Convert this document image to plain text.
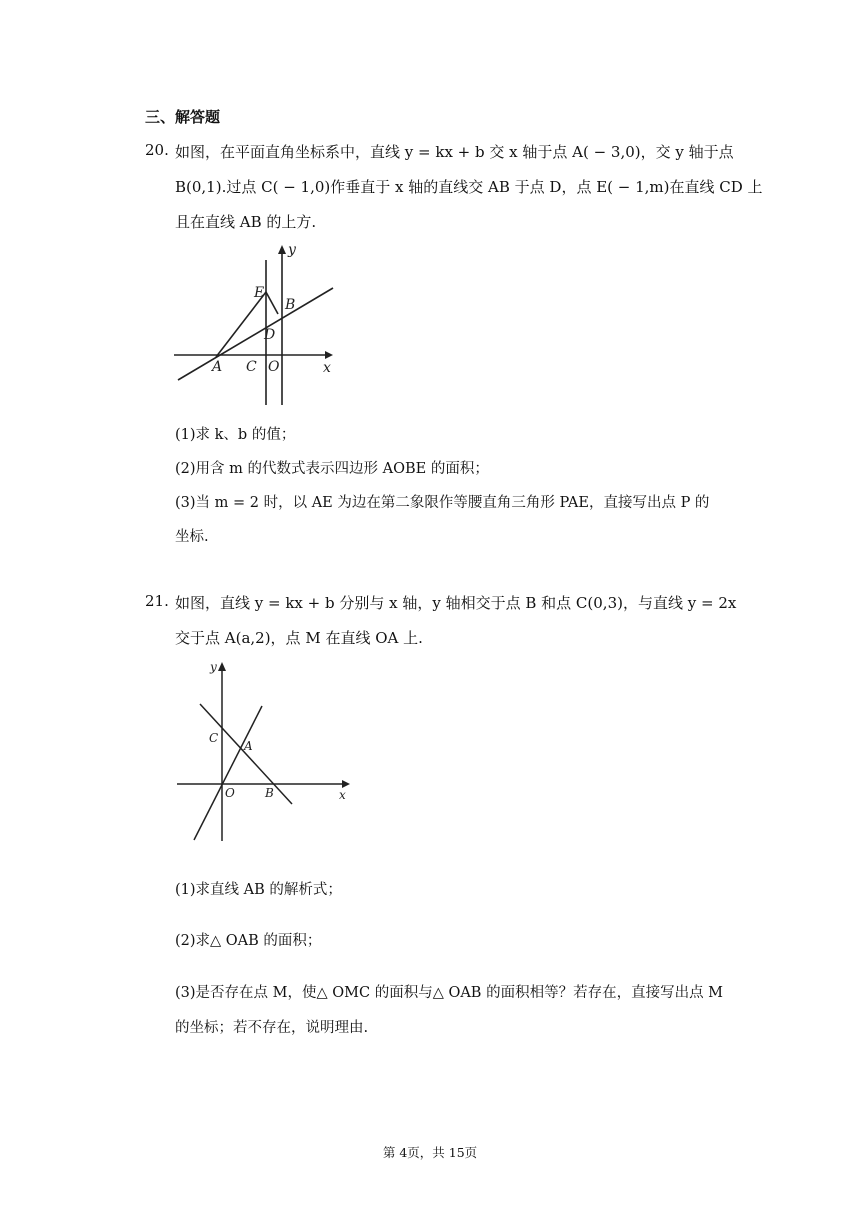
三、解答题
20. 如图，在平面直角坐标系中，直线 y = kx + b 交 x 轴于点 A( − 3,0)，交 y 轴于点
B(0,1).过点 C( − 1,0)作垂直于 x 轴的直线交 AB 于点 D，点 E( − 1,m)在直线 CD 上
且在直线 AB 的上方.
y
x
E
B
D
A C O
(1)求 k、b 的值；
(2)用含 m 的代数式表示四边形 AOBE 的面积；
(3)当 m = 2 时，以 AE 为边在第二象限作等腰直角三角形 PAE，直接写出点 P 的
坐标.
21. 如图，直线 y = kx + b 分别与 x 轴，y 轴相交于点 B 和点 C(0,3)，与直线 y = 2x
交于点 A(a,2)，点 M 在直线 OA 上.
y
x
C
A
O	B
(1)求直线 AB 的解析式；
(2)求△ OAB 的面积；
(3)是否存在点 M，使△ OMC 的面积与△ OAB 的面积相等？若存在，直接写出点 M
的坐标；若不存在，说明理由.
第 4页，共 15页
